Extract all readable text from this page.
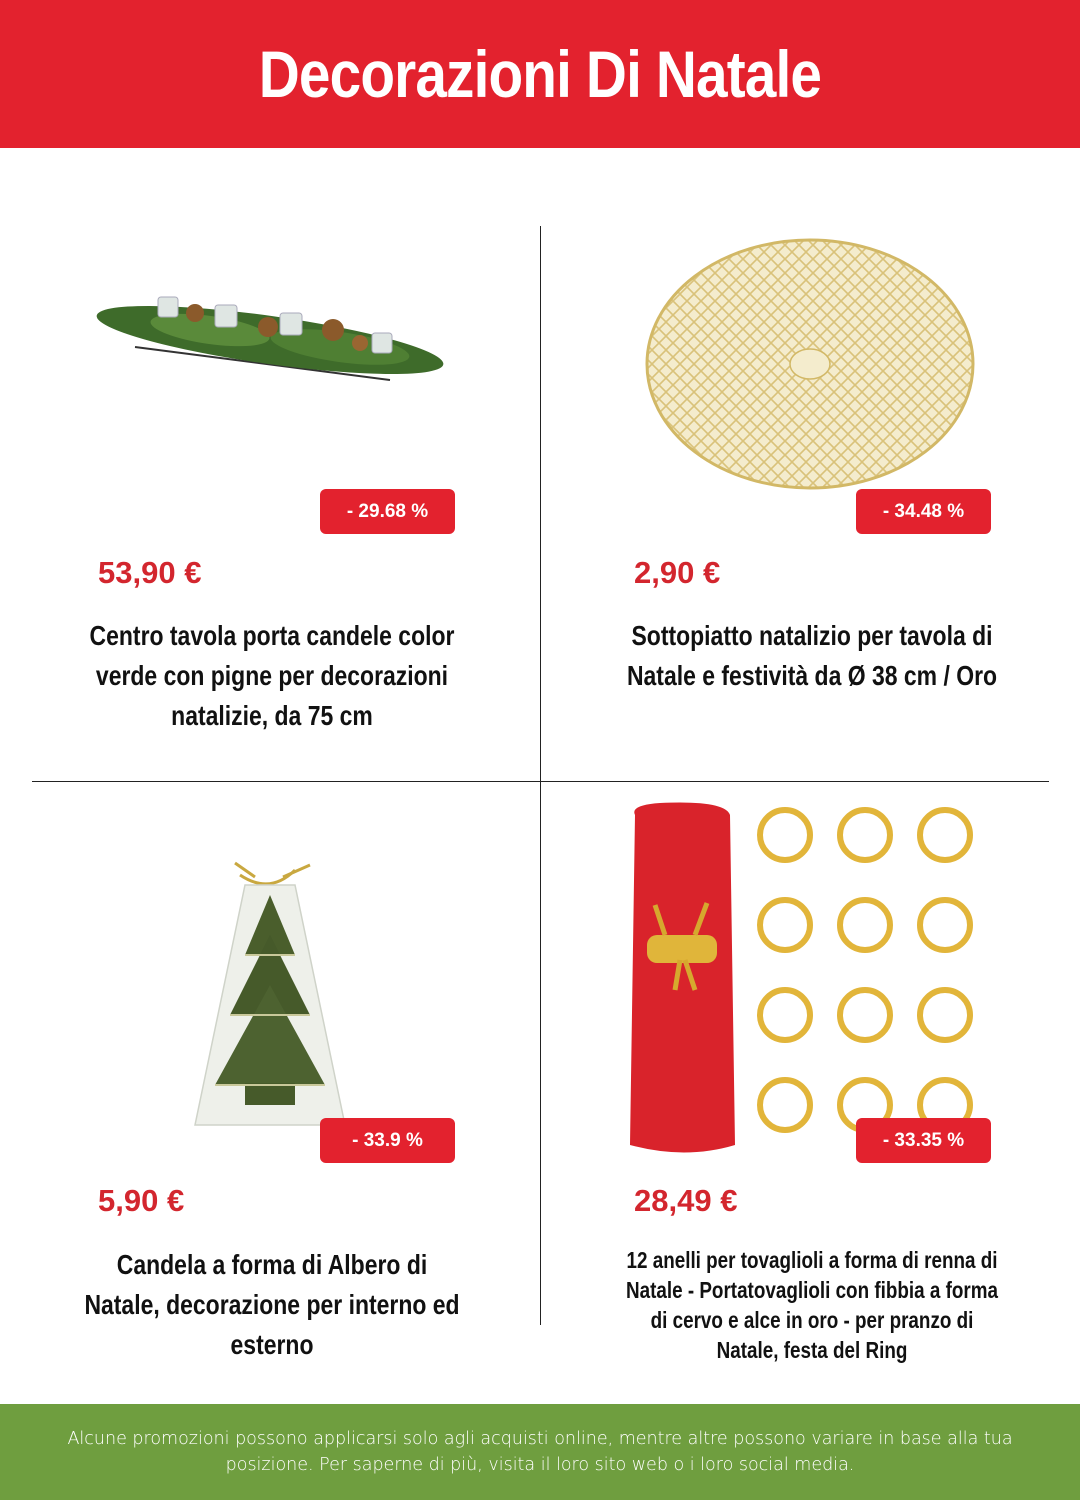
Decorazioni Di Natale
- 29.68 %
53,90 €
Centro tavola porta candele color verde con pigne per decorazioni natalizie, da 75 cm
- 34.48 %
2,90 €
Sottopiatto natalizio per tavola di Natale e festività da Ø 38 cm / Oro
- 33.9 %
5,90 €
Candela a forma di Albero di Natale, decorazione per interno ed esterno
- 33.35 %
28,49 €
12 anelli per tovaglioli a forma di renna di Natale - Portatovaglioli con fibbia a forma di cervo e alce in oro - per pranzo di Natale, festa del Ring
Alcune promozioni possono applicarsi solo agli acquisti online, mentre altre possono variare in base alla tua posizione. Per saperne di più, visita il loro sito web o i loro social media.
